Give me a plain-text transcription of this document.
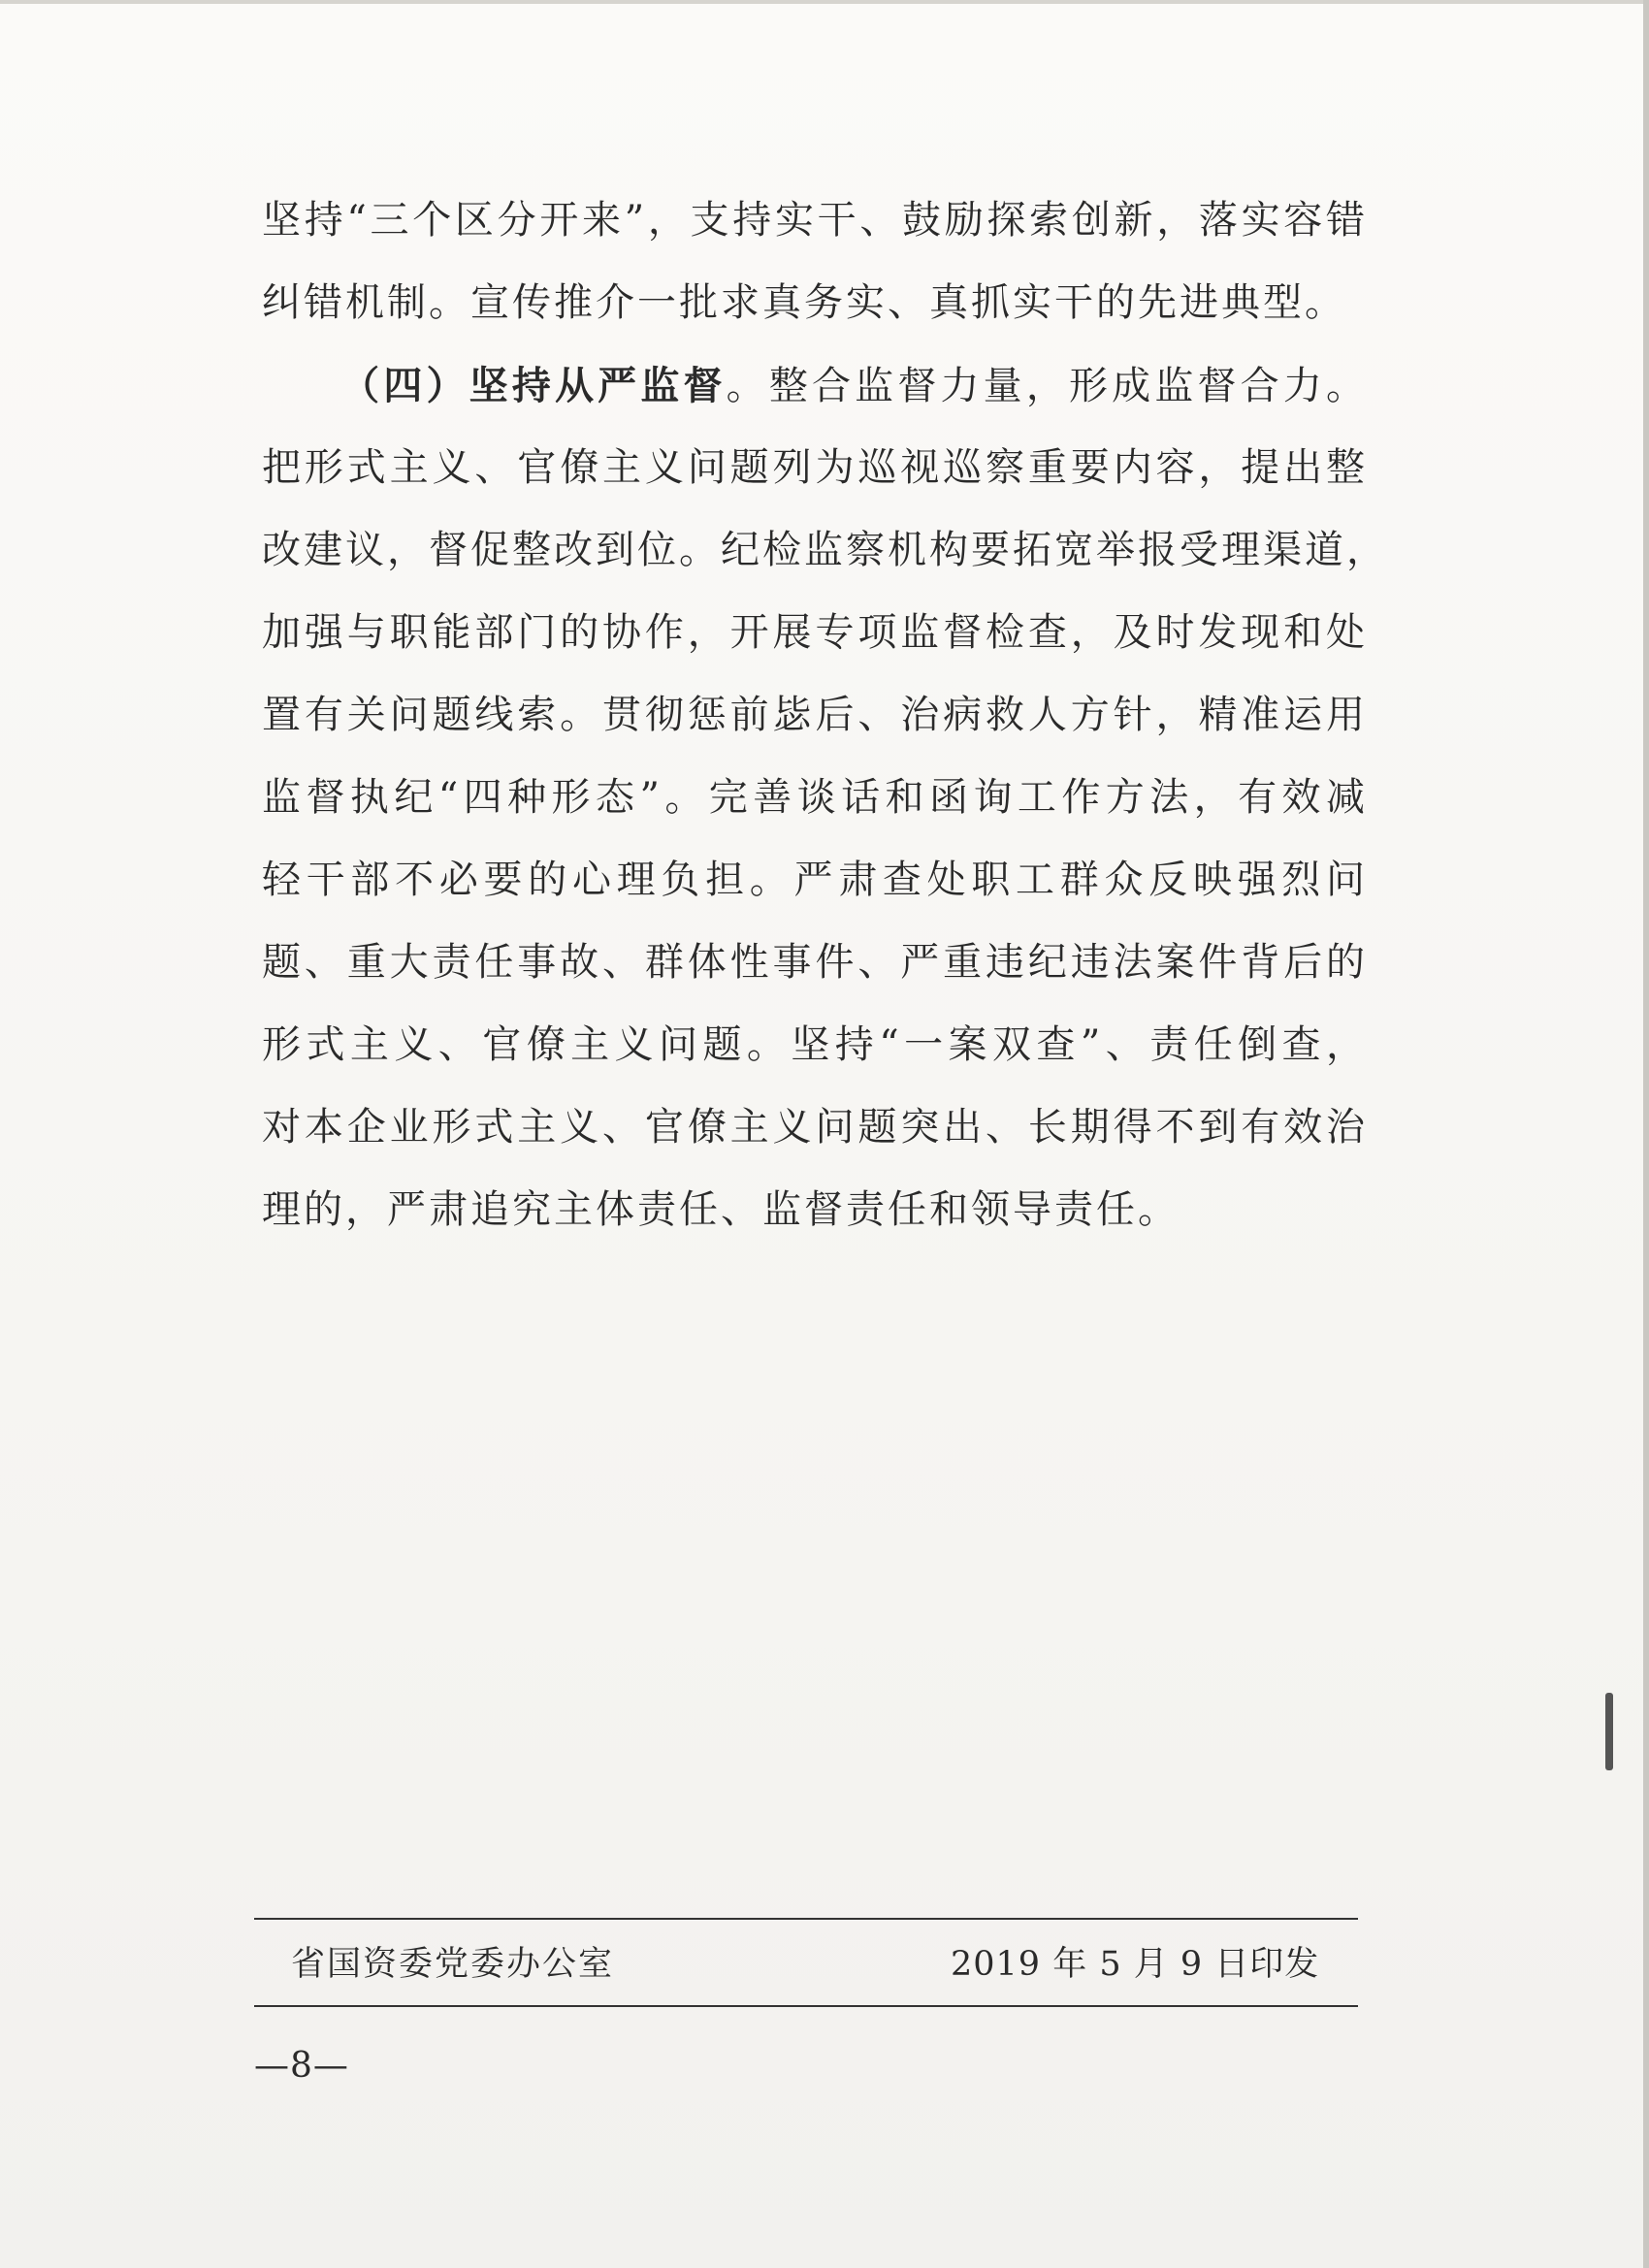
坚持“三个区分开来”，支持实干、鼓励探索创新，落实容错

纠错机制。宣传推介一批求真务实、真抓实干的先进典型。

（四）坚持从严监督。整合监督力量，形成监督合力。

把形式主义、官僚主义问题列为巡视巡察重要内容，提出整

改建议，督促整改到位。纪检监察机构要拓宽举报受理渠道，

加强与职能部门的协作，开展专项监督检查，及时发现和处

置有关问题线索。贯彻惩前毖后、治病救人方针，精准运用

监督执纪“四种形态”。完善谈话和函询工作方法，有效减

轻干部不必要的心理负担。严肃查处职工群众反映强烈问

题、重大责任事故、群体性事件、严重违纪违法案件背后的

形式主义、官僚主义问题。坚持“一案双查”、责任倒查，

对本企业形式主义、官僚主义问题突出、长期得不到有效治

理的，严肃追究主体责任、监督责任和领导责任。

省国资委党委办公室	2019 年 5 月 9 日印发
—8—
